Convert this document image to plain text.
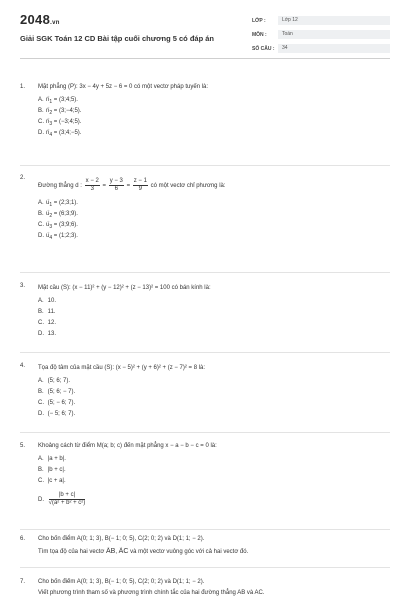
2048.vn
Giải SGK Toán 12 CD Bài tập cuối chương 5 có đáp án
LỚP :	Lớp 12
MÔN :	Toán
SỐ CÂU :	34
1. Mặt phẳng (P): 3x − 4y + 5z − 6 = 0 có một vectơ pháp tuyến là:
$A.\to n_1$ = (3;4;5).
$B.\to n_2$ = (3;−4;5).
$C.\to n_3$ = (−3;4;5).
$D.\to n_4$ = (3;4;−5).
2.
Đường thẳng d : $\frac{x - 2}{3} = \frac{y - 3}{6} = \frac{z - 1}{9}$ có một vectơ chỉ phương là:
$A.\to u_1$ = (2;3;1).
$B.\to u_2$ = (6;3;9).
$C.\to u_3$ = (3;9;6).
$D.\to u_4$ = (1;2;3).
3. Mặt cầu (S): (x − 11)² + (y − 12)² + (z − 13)² = 100 có bán kính là:
A. 10.
B. 11.
C. 12.
D. 13.
4. Tọa độ tâm của mặt cầu (S): (x − 5)² + (y + 6)² + (z − 7)² = 8 là:
A. (5; 6; 7).
B. (5; 6; − 7).
C. (5; − 6; 7).
D. (− 5; 6; 7).
5. Khoảng cách từ điểm M(a; b; c) đến mặt phẳng x − a − b − c = 0 là:
A. |a + b|.
B. |b + c|.
C. |c + a|.
D. $\frac{|b + c|}{\text{√(a² + b² + c²)}}$
6. Cho bốn điểm A(0; 1; 3), B(− 1; 0; 5), C(2; 0; 2) và D(1; 1; − 2).
Tìm tọa độ của hai vectơ → AB, → AC và một vectơ vuông góc với cả hai vectơ đó.
7. Cho bốn điểm A(0; 1; 3), B(− 1; 0; 5), C(2; 0; 2) và D(1; 1; − 2).
Viết phương trình tham số và phương trình chính tắc của hai đường thẳng AB và AC.
